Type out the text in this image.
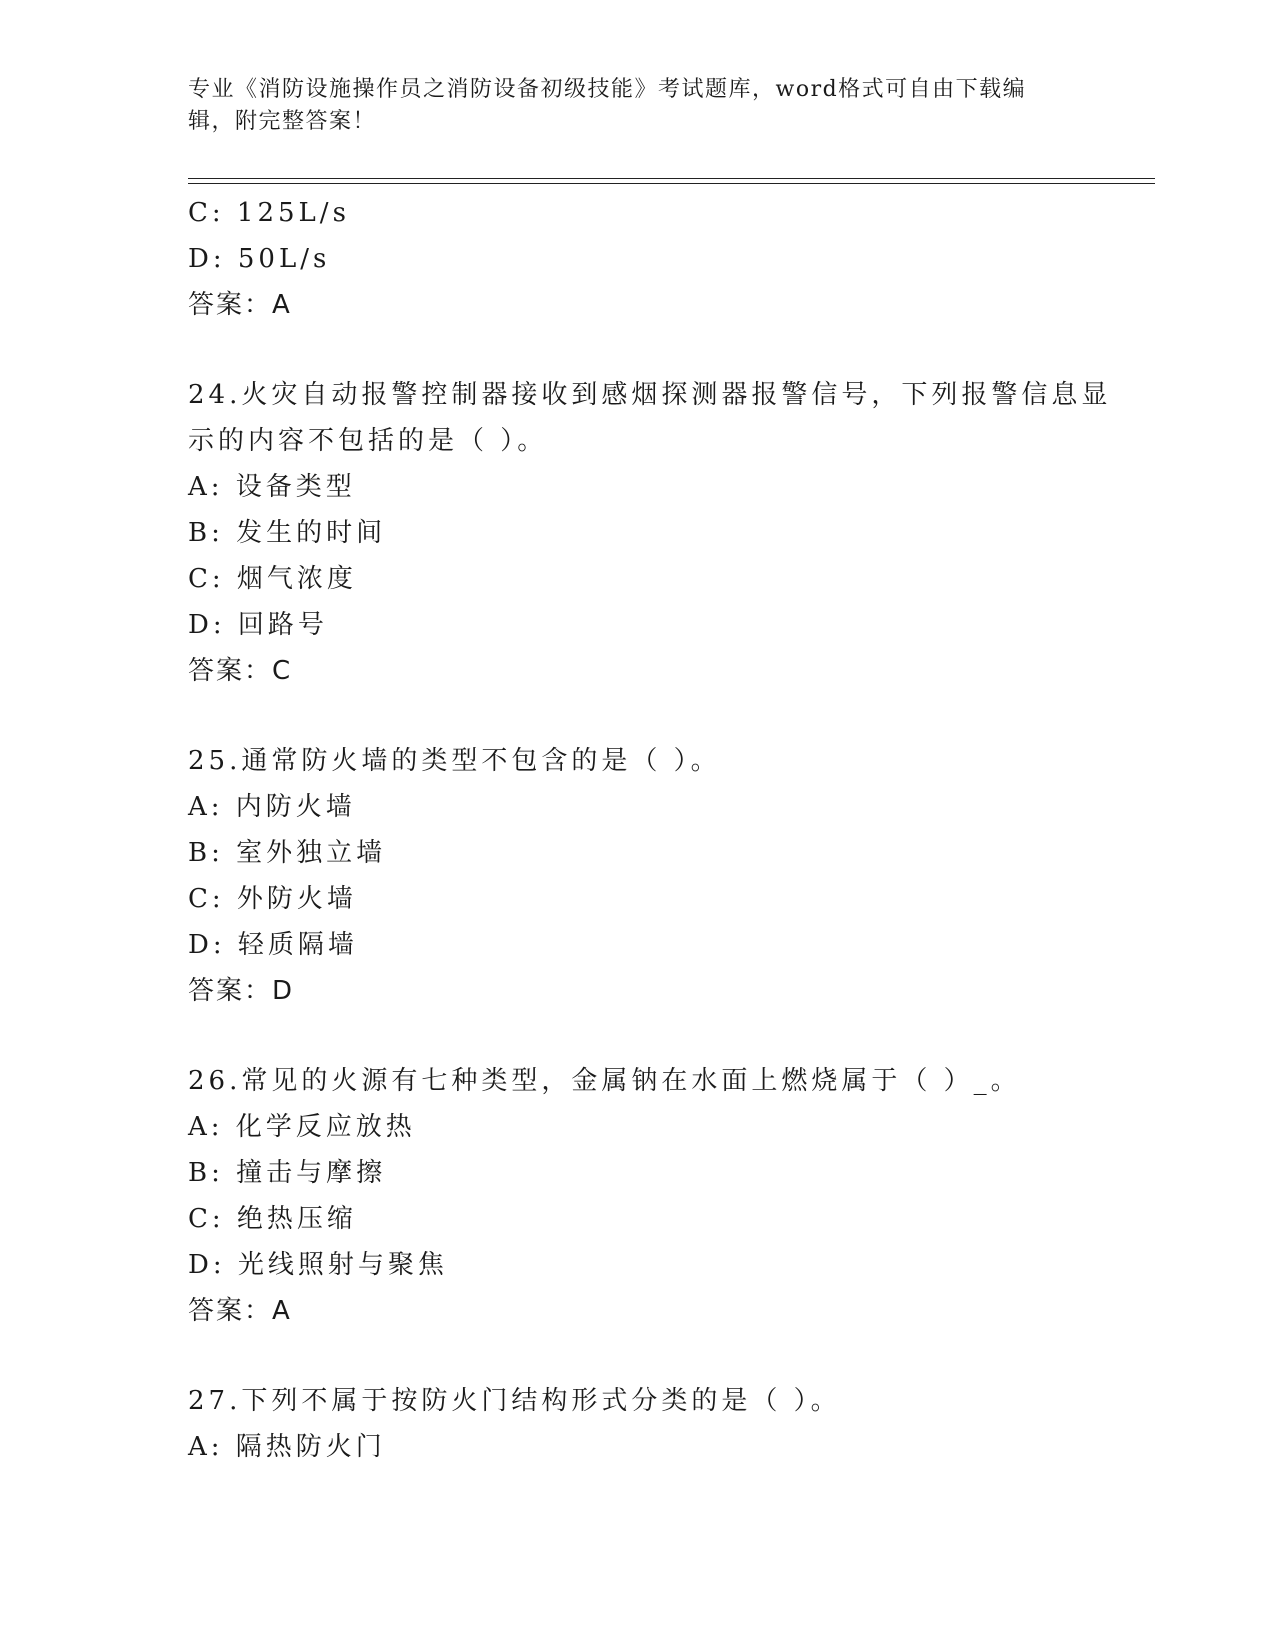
专业《消防设施操作员之消防设备初级技能》考试题库，word格式可自由下载编
辑，附完整答案！
C: 125L/s
D: 50L/s
答案：A
24.火灾自动报警控制器接收到感烟探测器报警信号，下列报警信息显
示的内容不包括的是（ ）。
A: 设备类型
B: 发生的时间
C: 烟气浓度
D: 回路号
答案：C
25.通常防火墙的类型不包含的是（ ）。
A: 内防火墙
B: 室外独立墙
C: 外防火墙
D: 轻质隔墙
答案：D
26.常见的火源有七种类型，金属钠在水面上燃烧属于（ ）_。
A: 化学反应放热
B: 撞击与摩擦
C: 绝热压缩
D: 光线照射与聚焦
答案：A
27.下列不属于按防火门结构形式分类的是（ ）。
A: 隔热防火门
